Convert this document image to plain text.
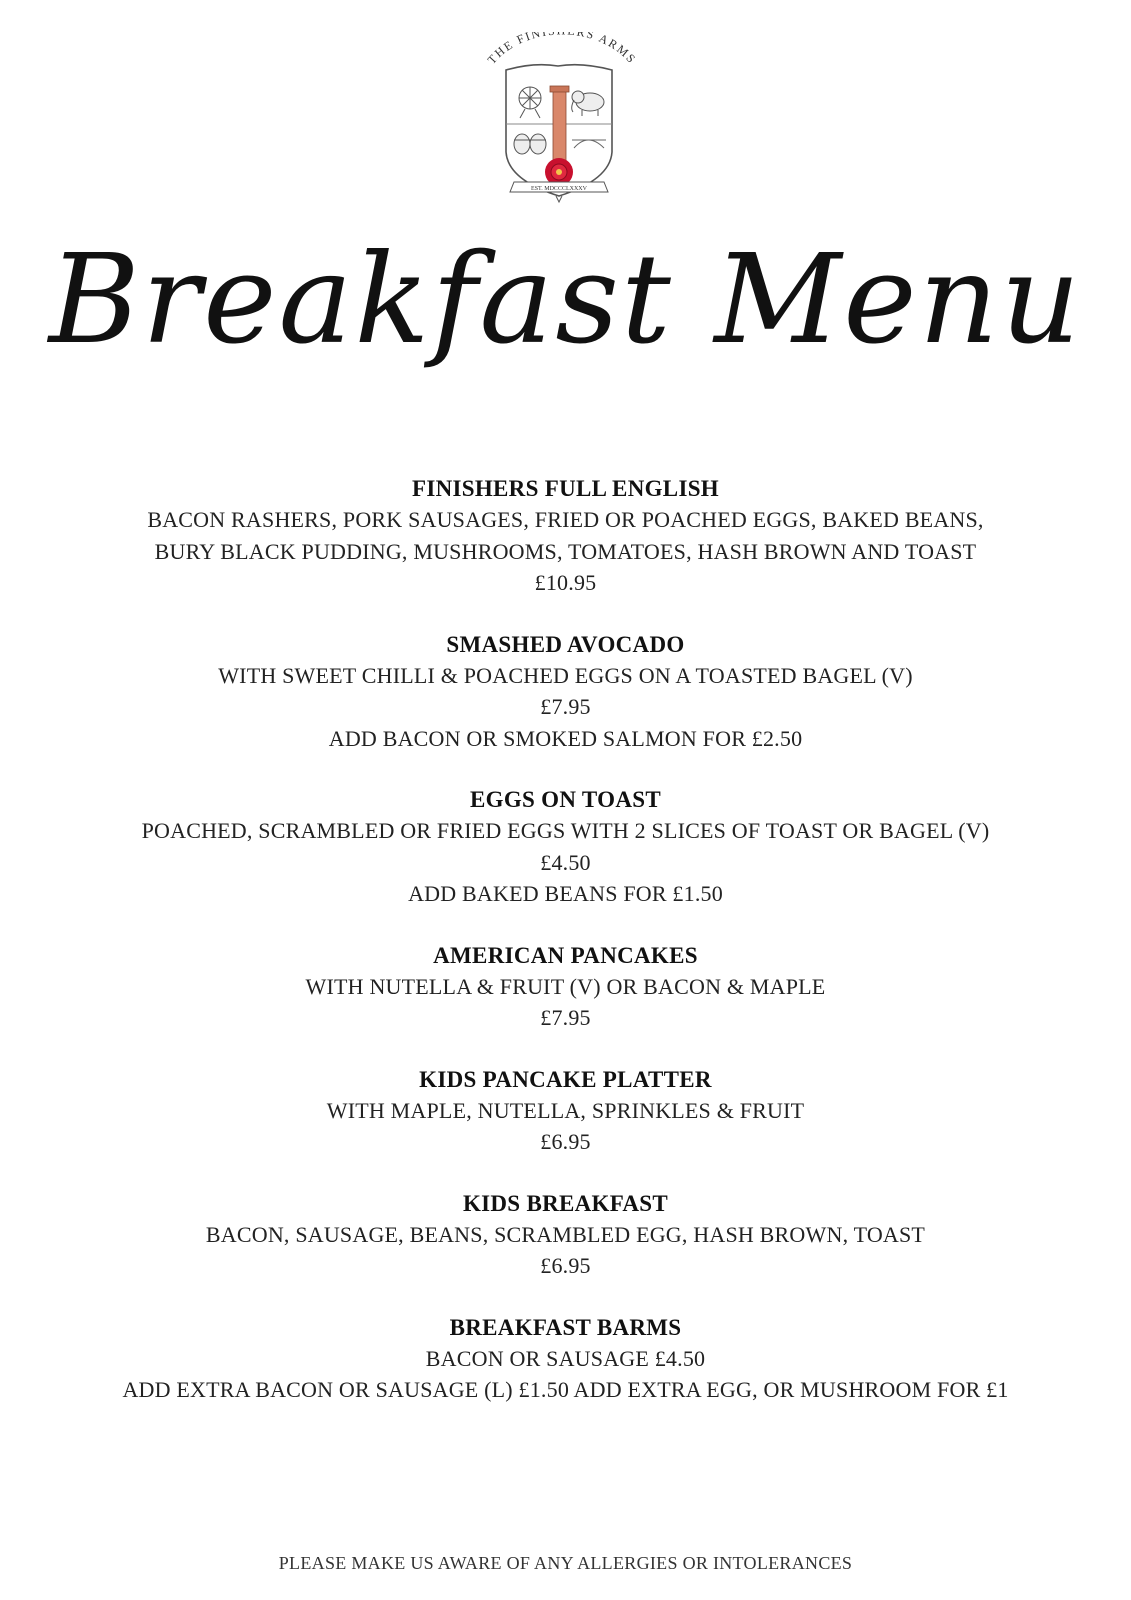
THE FIN RS ARMS
EST. MDCCCLXXXV
Breakfast Menu
FINISHERS FULL ENGLISH
BACON RASHERS, PORK SAUSAGES, FRIED OR POACHED EGGS, BAKED BEANS,
BURY BLACK PUDDING, MUSHROOMS, TOMATOES, HASH BROWN AND TOAST
£10.95
SMASHED AVOCADO
WITH SWEET CHILLI & POACHED EGGS ON A TOASTED BAGEL (V)
£7.95
ADD BACON OR SMOKED SALMON FOR £2.50
EGGS ON TOAST
POACHED, SCRAMBLED OR FRIED EGGS WITH 2 SLICES OF TOAST OR BAGEL (V)
£4.50
ADD BAKED BEANS FOR £1.50
AMERICAN PANCAKES
WITH NUTELLA & FRUIT (V) OR BACON & MAPLE
£7.95
KIDS PANCAKE PLATTER
WITH MAPLE, NUTELLA, SPRINKLES & FRUIT
£6.95
KIDS BREAKFAST
BACON, SAUSAGE, BEANS, SCRAMBLED EGG, HASH BROWN, TOAST
£6.95
BREAKFAST BARMS
BACON OR SAUSAGE £4.50
ADD EXTRA BACON OR SAUSAGE (L) £1.50 ADD EXTRA EGG, OR MUSHROOM FOR £1
PLEASE MAKE US AWARE OF ANY ALLERGIES OR INTOLERANCES
